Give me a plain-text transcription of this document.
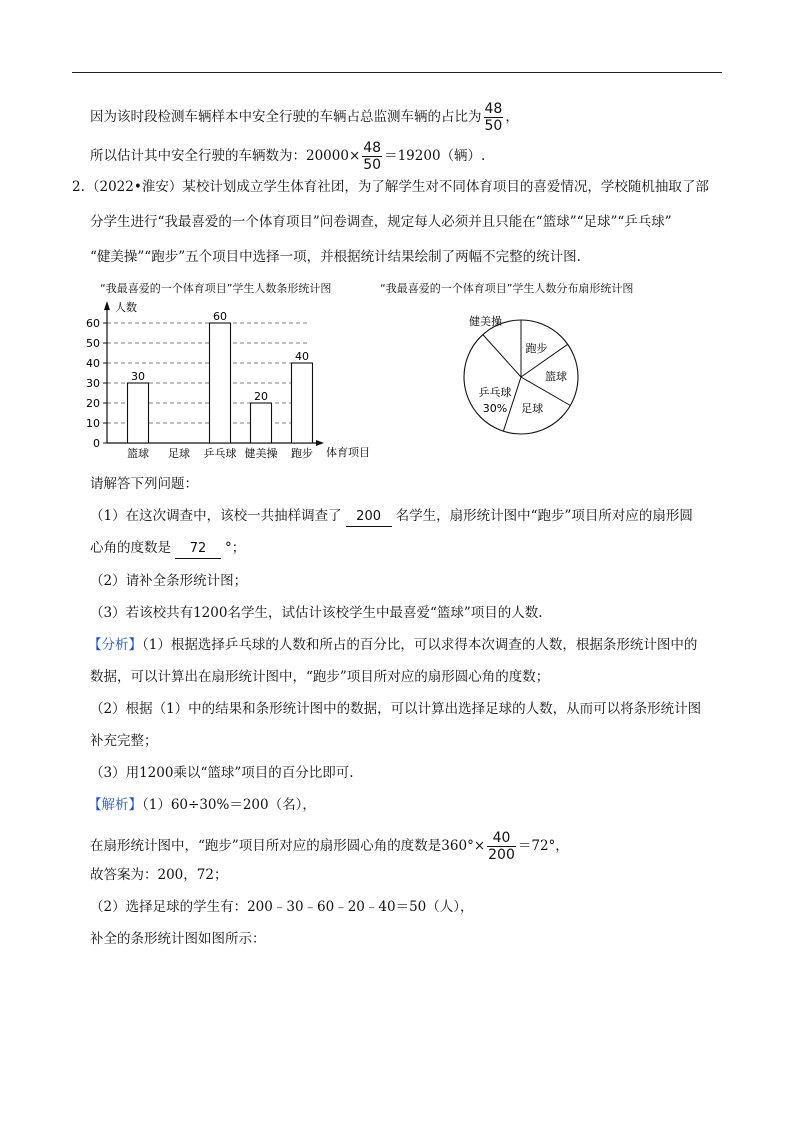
因为该时段检测车辆样本中安全行驶的车辆占总监测车辆的占比为 $\frac{48}{50}$ ，
所以估计其中安全行驶的车辆数为：$20000\times \frac{48}{50} =19200$（辆）.
2. （2022•淮安）某校计划成立学生体育社团，为了解学生对不同体育项目的喜爱情况，学校随机抽取了部
分学生进行“我最喜爱的一个体育项目”问卷调查，规定每人必须并且只能在“篮球”“足球”“乒乓球”
“健美操”“跑步”五个项目中选择一项，并根据统计结果绘制了两幅不完整的统计图.
“我最喜爱的一个体育项目”学生人数条形统计图	“我最喜爱的一个体育项目”学生人数分布扇形统计图
0
10
20
30
40
50
60
人数
体育项目
30
篮球 足球
60
乒乓球
20
健美操
40
跑步
乒乓球
30%
健美操
跑步
篮球
足球
请解答下列问题：
（1）在这次调查中，该校一共抽样调查了 200 名学生，扇形统计图中“跑步”项目所对应的扇形圆
心角的度数是 72 °；
（2）请补全条形统计图；
（3）若该校共有1200名学生，试估计该校学生中最喜爱“篮球”项目的人数.
【分析】（1）根据选择乒乓球的人数和所占的百分比，可以求得本次调查的人数，根据条形统计图中的
数据，可以计算出在扇形统计图中，“跑步”项目所对应的扇形圆心角的度数；
（2）根据（1）中的结果和条形统计图中的数据，可以计算出选择足球的人数，从而可以将条形统计图
补充完整；
（3）用1200乘以“篮球”项目的百分比即可.
【解析】（1）60÷30%＝200（名），
在扇形统计图中，“跑步”项目所对应的扇形圆心角的度数是$360^\circ\times \frac{40}{200} =72^\circ$，
故答案为：200，72；
（2）选择足球的学生有：200﹣30﹣60﹣20﹣40＝50（人），
补全的条形统计图如图所示：
